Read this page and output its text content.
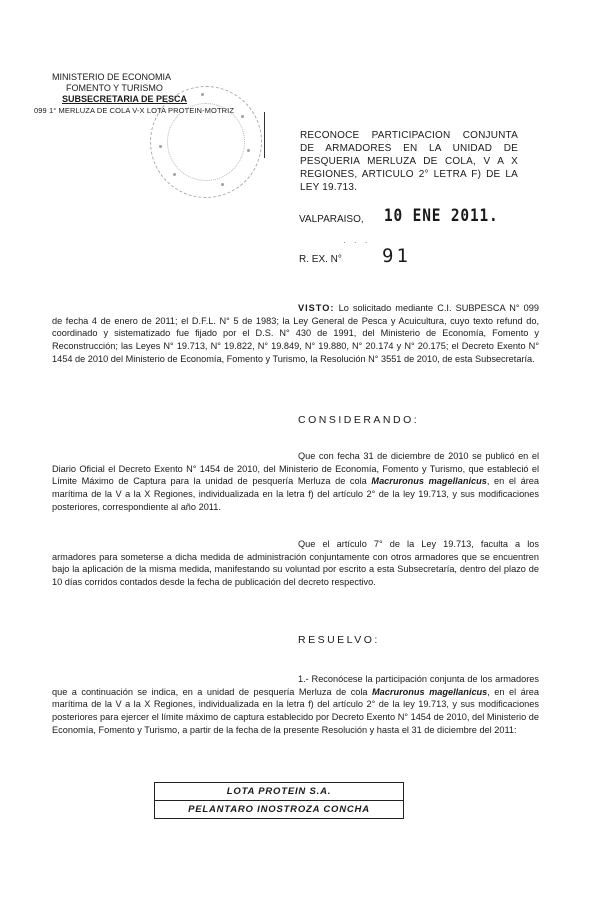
MINISTERIO DE ECONOMIA
FOMENTO Y TURISMO
SUBSECRETARIA DE PESCA
099 1° MERLUZA DE COLA V-X LOTA PROTEIN-MOTRIZ
RECONOCE PARTICIPACION CONJUNTA
DE ARMADORES EN LA UNIDAD DE
PESQUERIA MERLUZA DE COLA, V A X
REGIONES, ARTICULO 2° LETRA F) DE LA
LEY 19.713.
VALPARAISO, 10 ENE 2011.
· · ·
R. EX. N° 91
VISTO: Lo solicitado mediante C.I. SUBPESCA N° 099 de fecha 4 de enero de 2011; el D.F.L. N° 5 de 1983; la Ley General de Pesca y Acuicultura, cuyo texto refund do, coordinado y sistematizado fue fijado por el D.S. N° 430 de 1991, del Ministerio de Economía, Fomento y Reconstrucción; las Leyes N° 19.713, N° 19.822, N° 19.849, N° 19.880, N° 20.174 y N° 20.175; el Decreto Exento N° 1454 de 2010 del Ministerio de Economía, Fomento y Turismo, la Resolución N° 3551 de 2010, de esta Subsecretaría.
CONSIDERANDO:
Que con fecha 31 de diciembre de 2010 se publicó en el Diario Oficial el Decreto Exento N° 1454 de 2010, del Ministerio de Economía, Fomento y Turismo, que estableció el Límite Máximo de Captura para la unidad de pesquería Merluza de cola Macruronus magellanicus, en el área marítima de la V a la X Regiones, individualizada en la letra f) del artículo 2° de la ley 19.713, y sus modificaciones posteriores, correspondiente al año 2011.
Que el artículo 7° de la Ley 19.713, faculta a los armadores para someterse a dicha medida de administración conjuntamente con otros armadores que se encuentren bajo la aplicación de la misma medida, manifestando su voluntad por escrito a esta Subsecretaría, dentro del plazo de 10 días corridos contados desde la fecha de publicación del decreto respectivo.
RESUELVO:
1.- Reconócese la participación conjunta de los armadores que a continuación se indica, en a unidad de pesquería Merluza de cola Macruronus magellanicus, en el área marítima de la V a la X Regiones, individualizada en la letra f) del artículo 2° de la ley 19.713, y sus modificaciones posteriores para ejercer el límite máximo de captura establecido por Decreto Exento N° 1454 de 2010, del Ministerio de Economía, Fomento y Turismo, a partir de la fecha de la presente Resolución y hasta el 31 de diciembre del 2011:
LOTA PROTEIN S.A.
PELANTARO INOSTROZA CONCHA
